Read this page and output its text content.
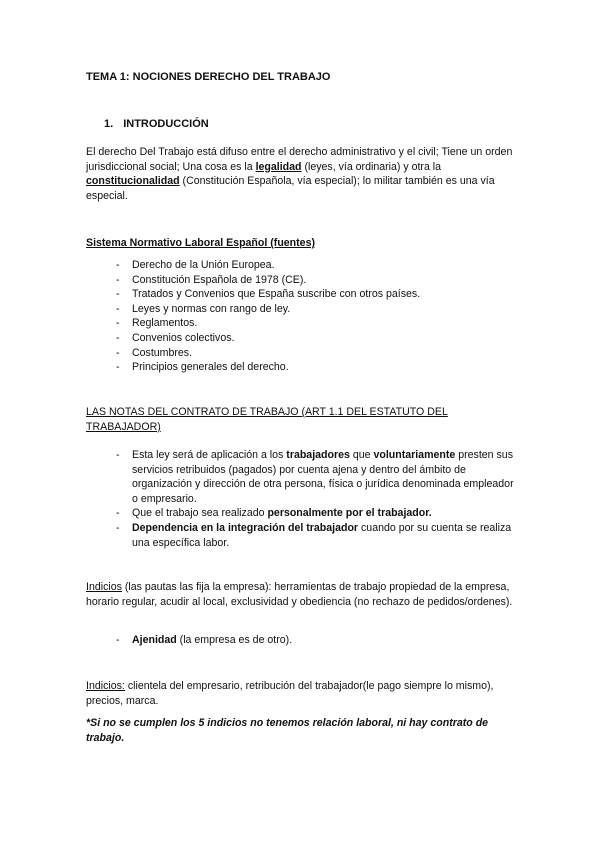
TEMA 1: NOCIONES DERECHO DEL TRABAJO
1. INTRODUCCIÓN
El derecho Del Trabajo está difuso entre el derecho administrativo y el civil; Tiene un orden jurisdiccional social; Una cosa es la legalidad (leyes, vía ordinaria) y otra la constitucionalidad (Constitución Española, vía especial); lo militar también es una vía especial.
Sistema Normativo Laboral Español (fuentes)
- Derecho de la Unión Europea.
- Constitución Española de 1978 (CE).
- Tratados y Convenios que España suscribe con otros países.
- Leyes y normas con rango de ley.
- Reglamentos.
- Convenios colectivos.
- Costumbres.
- Principios generales del derecho.
LAS NOTAS DEL CONTRATO DE TRABAJO (ART 1.1 DEL ESTATUTO DEL TRABAJADOR)
- Esta ley será de aplicación a los trabajadores que voluntariamente presten sus servicios retribuidos (pagados) por cuenta ajena y dentro del ámbito de organización y dirección de otra persona, física o jurídica denominada empleador o empresario.
- Que el trabajo sea realizado personalmente por el trabajador.
- Dependencia en la integración del trabajador cuando por su cuenta se realiza una específica labor.
Indicios (las pautas las fija la empresa): herramientas de trabajo propiedad de la empresa, horario regular, acudir al local, exclusividad y obediencia (no rechazo de pedidos/ordenes).
- Ajenidad (la empresa es de otro).
Indicios: clientela del empresario, retribución del trabajador(le pago siempre lo mismo), precios, marca.
*Si no se cumplen los 5 indicios no tenemos relación laboral, ni hay contrato de trabajo.
